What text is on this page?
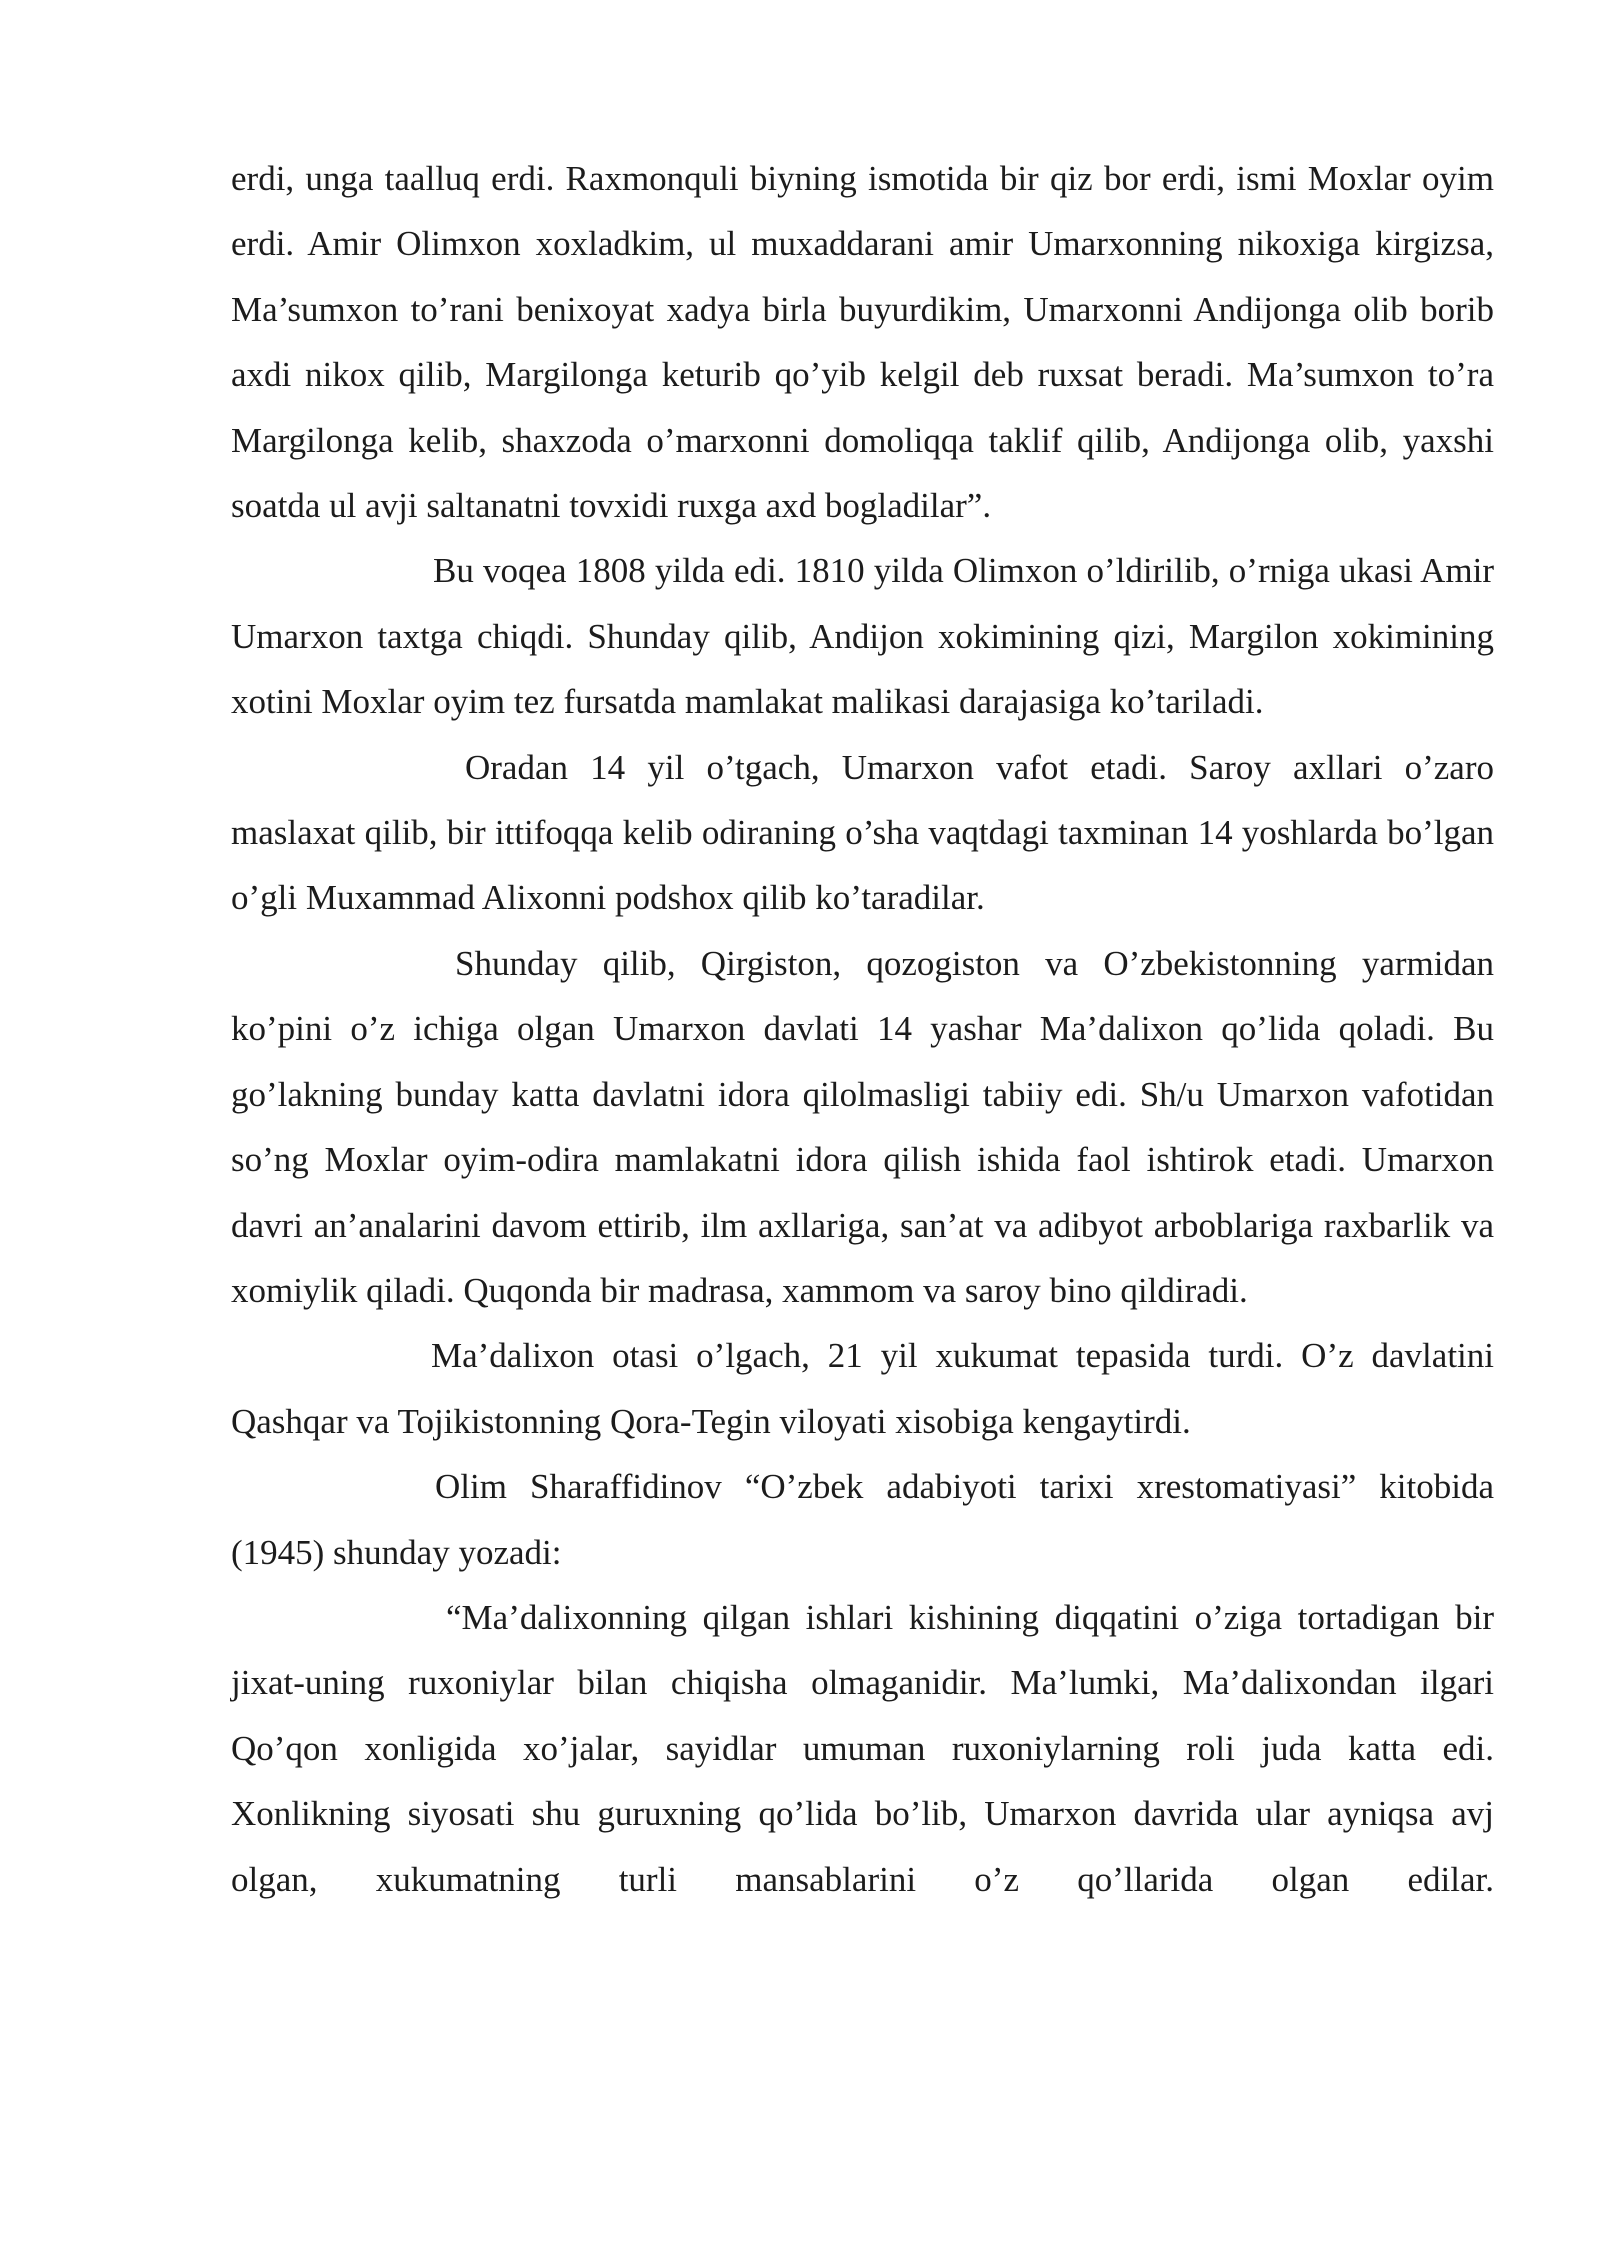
erdi, unga taalluq erdi. Raxmonquli biyning ismotida bir qiz bor erdi, ismi Moxlar oyim erdi. Amir Olimxon xoxladkim, ul muxaddarani amir Umarxonning nikoxiga kirgizsa, Ma’sumxon to’rani benixoyat xadya birla buyurdikim, Umarxonni Andijonga olib borib axdi nikox qilib, Margilonga keturib qo’yib kelgil deb ruxsat beradi. Ma’sumxon to’ra Margilonga kelib, shaxzoda o’marxonni domoliqqa taklif qilib, Andijonga olib, yaxshi soatda ul avji saltanatni tovxidi ruxga axd bogladilar”.

Bu voqea 1808 yilda edi. 1810 yilda Olimxon o’ldirilib, o’rniga ukasi Amir Umarxon taxtga chiqdi. Shunday qilib, Andijon xokimining qizi, Margilon xokimining xotini Moxlar oyim tez fursatda mamlakat malikasi darajasiga ko’tariladi.

Oradan 14 yil o’tgach, Umarxon vafot etadi. Saroy axllari o’zaro maslaxat qilib, bir ittifoqqa kelib odiraning o’sha vaqtdagi taxminan 14 yoshlarda bo’lgan o’gli Muxammad Alixonni podshox qilib ko’taradilar.

Shunday qilib, Qirgiston, qozogiston va O’zbekistonning yarmidan ko’pini o’z ichiga olgan Umarxon davlati 14 yashar Ma’dalixon qo’lida qoladi. Bu go’lakning bunday katta davlatni idora qilolmasligi tabiiy edi. Sh/u Umarxon vafotidan so’ng Moxlar oyim-odira mamlakatni idora qilish ishida faol ishtirok etadi. Umarxon davri an’analarini davom ettirib, ilm axllariga, san’at va adibyot arboblariga raxbarlik va xomiylik qiladi. Quqonda bir madrasa, xammom va saroy bino qildiradi.

Ma’dalixon otasi o’lgach, 21 yil xukumat tepasida turdi. O’z davlatini Qashqar va Tojikistonning Qora-Tegin viloyati xisobiga kengaytirdi.

Olim Sharaffidinov “O’zbek adabiyoti tarixi xrestomatiyasi” kitobida (1945) shunday yozadi:

“Ma’dalixonning qilgan ishlari kishining diqqatini o’ziga tortadigan bir jixat-uning ruxoniylar bilan chiqisha olmaganidir. Ma’lumki, Ma’dalixondan ilgari Qo’qon xonligida xo’jalar, sayidlar umuman ruxoniylarning roli juda katta edi. Xonlikning siyosati shu guruxning qo’lida bo’lib, Umarxon davrida ular ayniqsa avj olgan, xukumatning turli mansablarini o’z qo’llarida olgan edilar.
